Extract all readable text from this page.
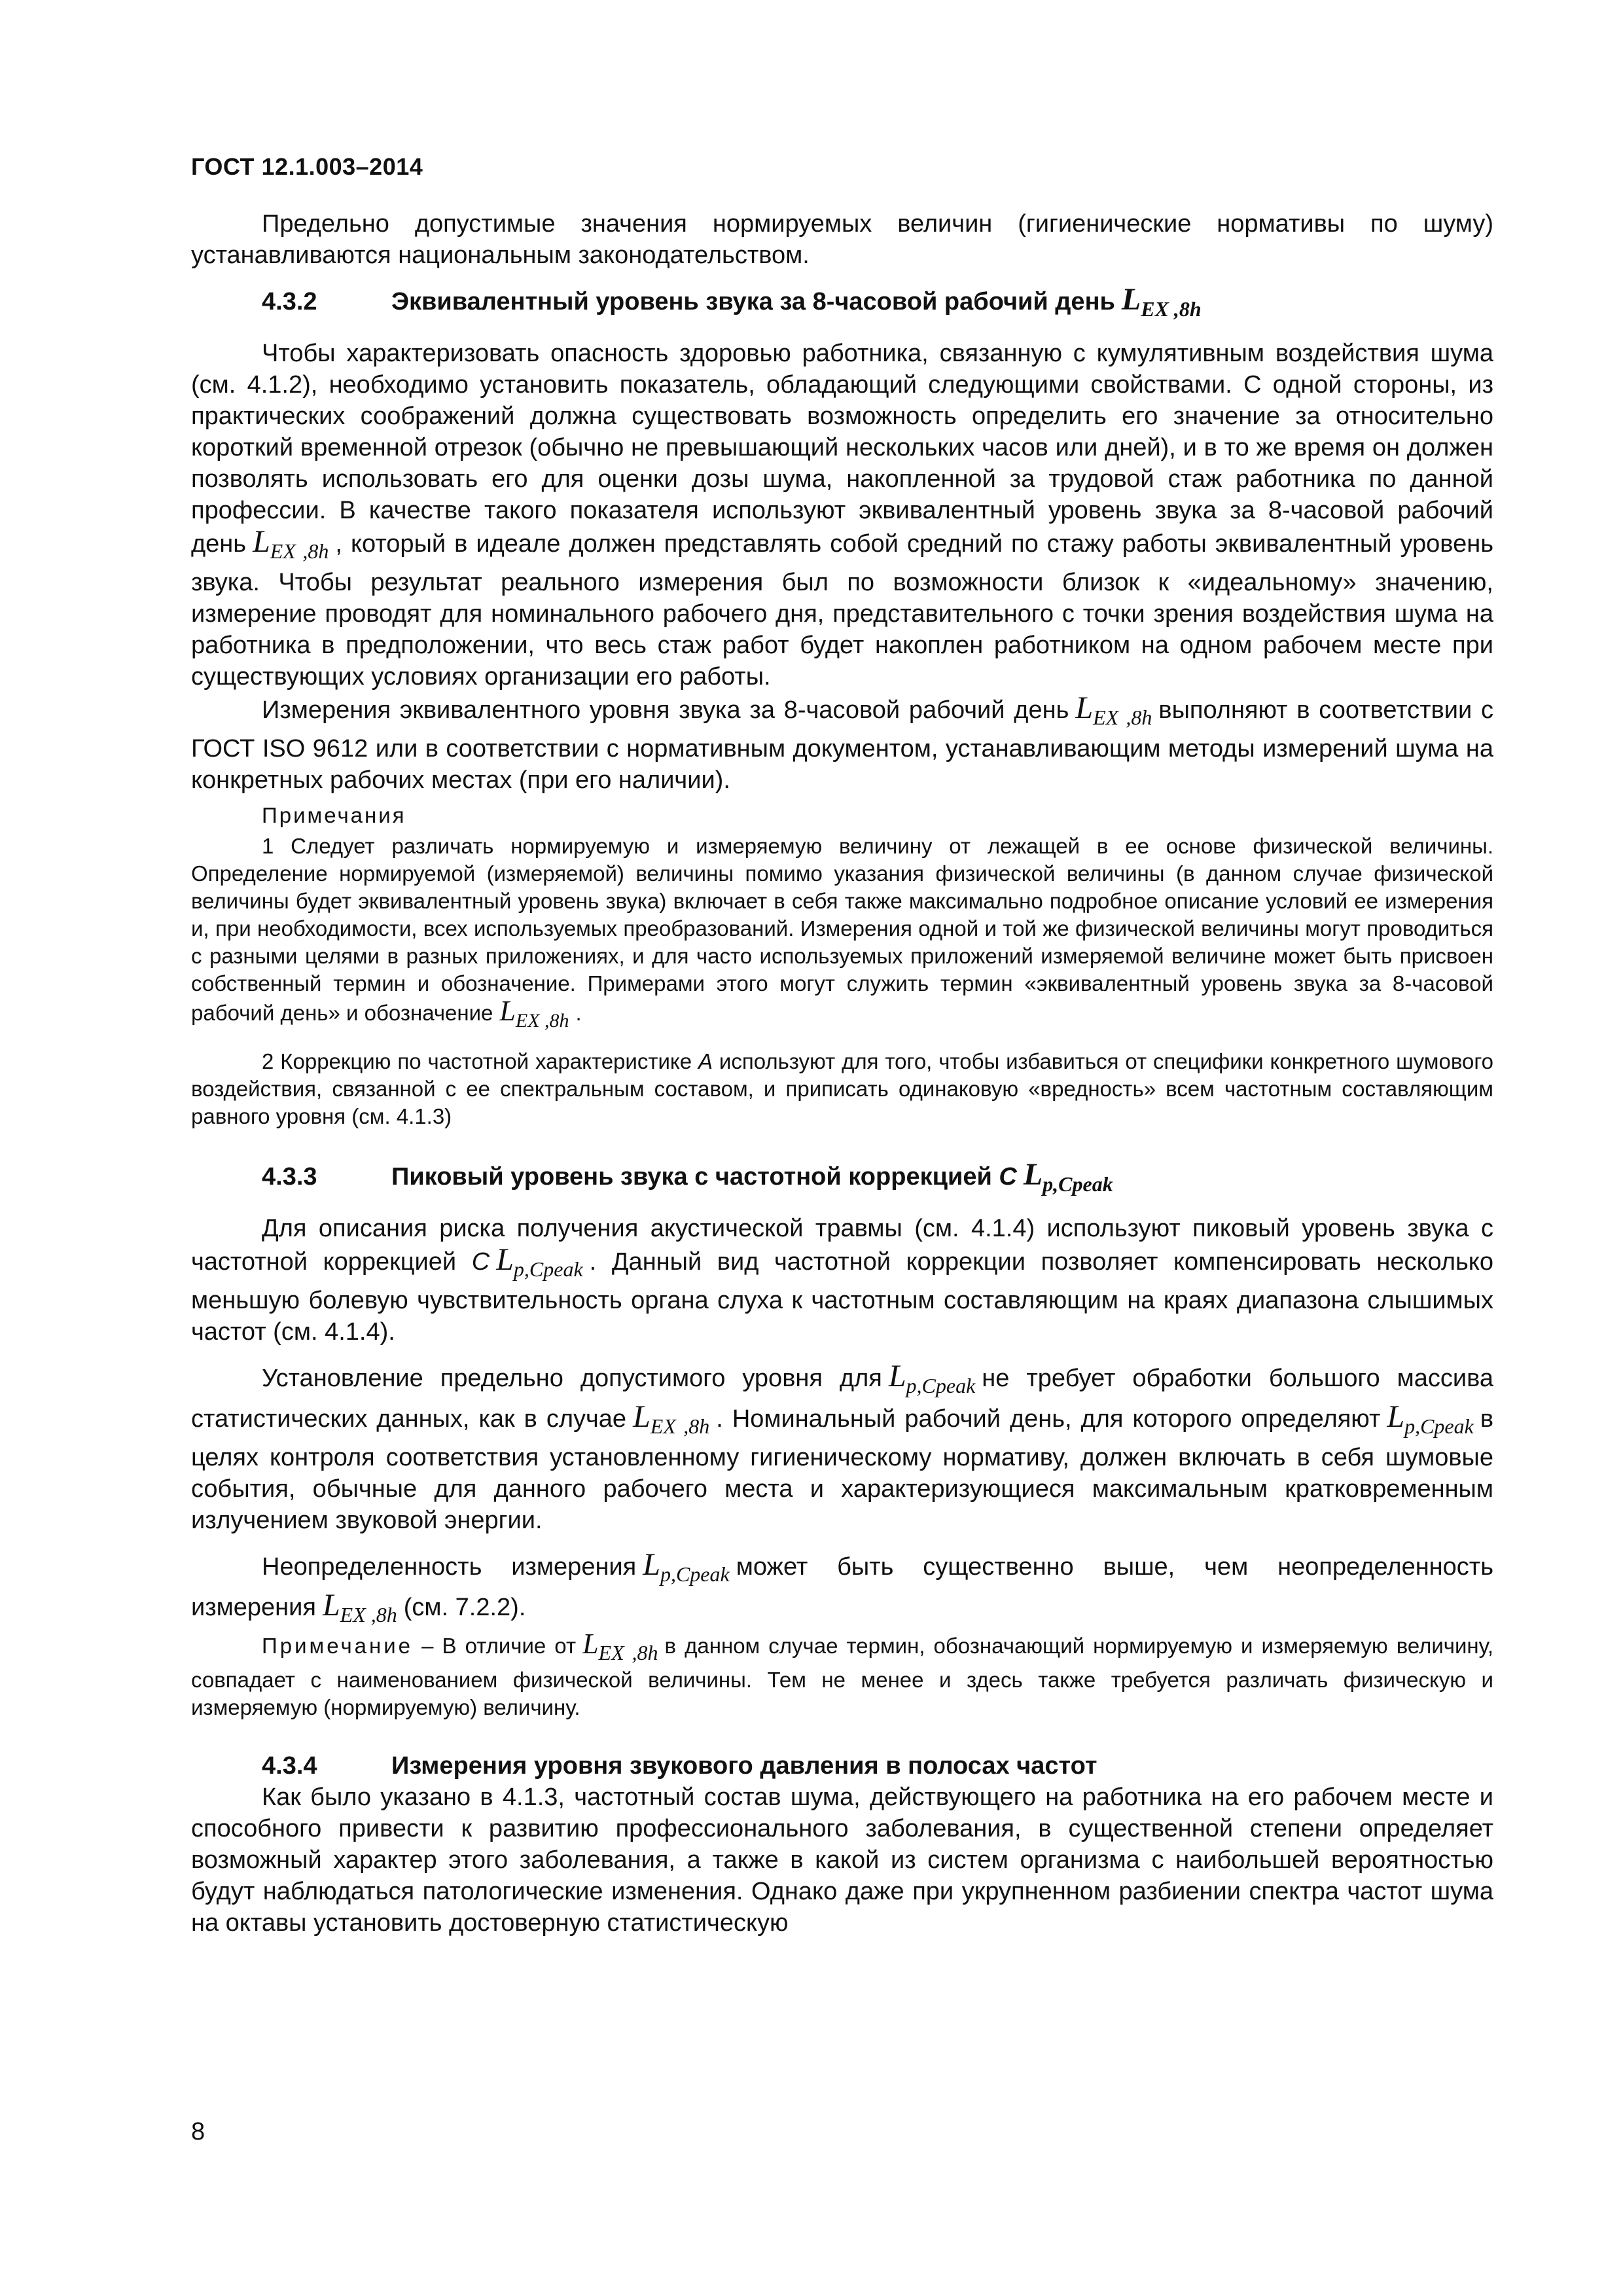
ГОСТ 12.1.003–2014

Предельно допустимые значения нормируемых величин (гигиенические нормативы по шуму) устанавливаются национальным законодательством.

4.3.2	Эквивалентный уровень звука за 8-часовой рабочий день $L_{EX ,8h}$

Чтобы характеризовать опасность здоровью работника, связанную с кумулятивным воздействия шума (см. 4.1.2), необходимо установить показатель, обладающий следующими свойствами. С одной стороны, из практических соображений должна существовать возможность определить его значение за относительно короткий временной отрезок (обычно не превышающий нескольких часов или дней), и в то же время он должен позволять использовать его для оценки дозы шума, накопленной за трудовой стаж работника по данной профессии. В качестве такого показателя используют эквивалентный уровень звука за 8-часовой рабочий день $L_{EX ,8h}$ , который в идеале должен представлять собой средний по стажу работы эквивалентный уровень звука. Чтобы результат реального измерения был по возможности близок к «идеальному» значению, измерение проводят для номинального рабочего дня, представительного с точки зрения воздействия шума на работника в предположении, что весь стаж работ будет накоплен работником на одном рабочем месте при существующих условиях организации его работы.

Измерения эквивалентного уровня звука за 8-часовой рабочий день $L_{EX ,8h}$ выполняют в соответствии с ГОСТ ISO 9612 или в соответствии с нормативным документом, устанавливающим методы измерений шума на конкретных рабочих местах (при его наличии).

Примечания

1 Следует различать нормируемую и измеряемую величину от лежащей в ее основе физической величины. Определение нормируемой (измеряемой) величины помимо указания физической величины (в данном случае физической величины будет эквивалентный уровень звука) включает в себя также максимально подробное описание условий ее измерения и, при необходимости, всех используемых преобразований. Измерения одной и той же физической величины могут проводиться с разными целями в разных приложениях, и для часто используемых приложений измеряемой величине может быть присвоен собственный термин и обозначение. Примерами этого могут служить термин «эквивалентный уровень звука за 8-часовой рабочий день» и обозначение $L_{EX ,8h}$ .

2 Коррекцию по частотной характеристике A используют для того, чтобы избавиться от специфики конкретного шумового воздействия, связанной с ее спектральным составом, и приписать одинаковую «вредность» всем частотным составляющим равного уровня (см. 4.1.3)

4.3.3	Пиковый уровень звука с частотной коррекцией C $L_{p,Cpeak}$

Для описания риска получения акустической травмы (см. 4.1.4) используют пиковый уровень звука с частотной коррекцией C $L_{p,Cpeak}$ . Данный вид частотной коррекции позволяет компенсировать несколько меньшую болевую чувствительность органа слуха к частотным составляющим на краях диапазона слышимых частот (см. 4.1.4).

Установление предельно допустимого уровня для $L_{p,Cpeak}$ не требует обработки большого массива статистических данных, как в случае $L_{EX ,8h}$ . Номинальный рабочий день, для которого определяют $L_{p,Cpeak}$ в целях контроля соответствия установленному гигиеническому нормативу, должен включать в себя шумовые события, обычные для данного рабочего места и характеризующиеся максимальным кратковременным излучением звуковой энергии.

Неопределенность измерения $L_{p,Cpeak}$ может быть существенно выше, чем неопределенность измерения $L_{EX ,8h}$ (см. 7.2.2).

Примечание – В отличие от $L_{EX ,8h}$ в данном случае термин, обозначающий нормируемую и измеряемую величину, совпадает с наименованием физической величины. Тем не менее и здесь также требуется различать физическую и измеряемую (нормируемую) величину.

4.3.4	Измерения уровня звукового давления в полосах частот

Как было указано в 4.1.3, частотный состав шума, действующего на работника на его рабочем месте и способного привести к развитию профессионального заболевания, в существенной степени определяет возможный характер этого заболевания, а также в какой из систем организма с наибольшей вероятностью будут наблюдаться патологические изменения. Однако даже при укрупненном разбиении спектра частот шума на октавы установить достоверную статистическую

8
